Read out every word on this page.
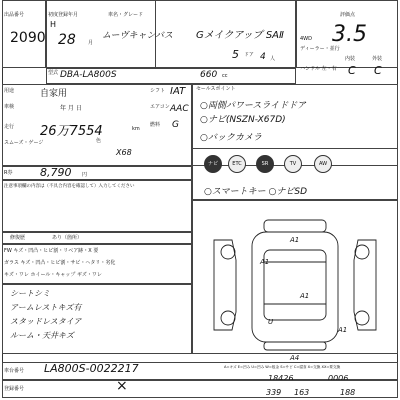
出品番号
2090
初度登録年月
H
28 月
車名・グレード
ムーヴキャンバス Gメイクアップ SAⅡ
5 ドア 4 人
評価点
4WD 3.5
ディーラー・並行
ハンドル 左・右
内装	外装
C C
型式 DBA-LA800S	660 cc
用途	自家用	シフト IAT
車検	年 月 日	エアコン AAC
走行 26万7554	km
燃料 G
スムーズ・ゲージ	色
X68
セールスポイント
○両側パワースライドドア
○ナビ(NSZN-X67D)
○バックカメラ
R券	8,790 円
ナビ	ETC	SR	TV	AW
○スマートキー ○ナビSD
注意事項欄の内容は（不具合内容を確認して）入力してください
修復歴	あり（箇所）
FW キズ・凹凸・ヒビ割・リベア跡・X 要
ガラス キズ・凹凸・ヒビ割・サビ・ヘタリ・劣化
キズ・ワレ ホイール・キャップ ギズ・ワレ
シートシミ
アームレストキズ有
スタッドレスタイア
ルーム・天井キズ
A1
A1
A1
A1
U
A4
車台番号 LA800S-0022217	A=キズ E=凹み U=凹み W=板金 S=サビ C=腐食 X=交換 XX=要交換
18426	0006
登録番号	×	339 163	188
